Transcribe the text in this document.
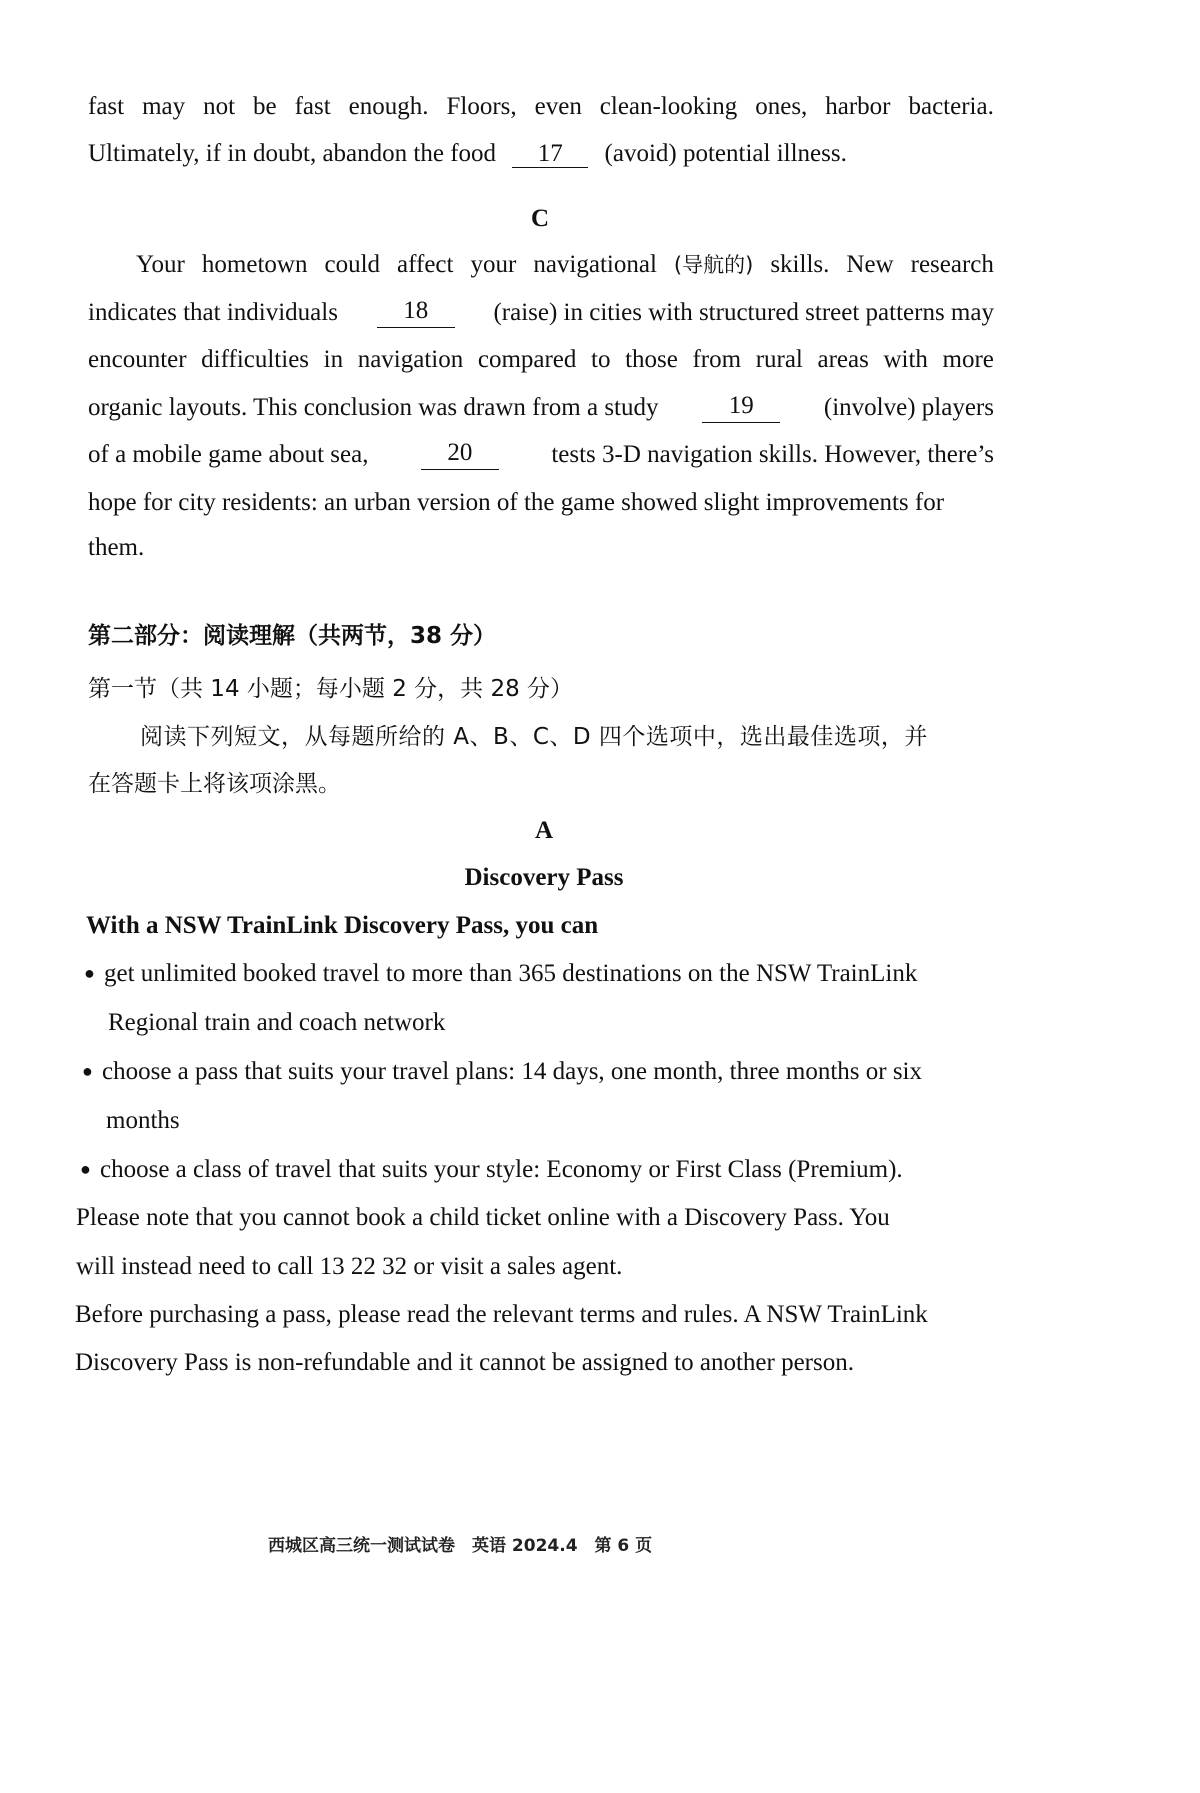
fast may not be fast enough. Floors, even clean-looking ones, harbor bacteria.
Ultimately, if in doubt, abandon the food 17 (avoid) potential illness.
C
Your hometown could affect your navigational (导航的) skills. New research
indicates that individuals	18	(raise) in cities with structured street patterns may
encounter difficulties in navigation compared to those from rural areas with more
organic layouts. This conclusion was drawn from a study	19	(involve) players
of a mobile game about sea,	20	tests 3-D navigation skills. However, there’s
hope for city residents: an urban version of the game showed slight improvements for
them.
第二部分：阅读理解（共两节，38 分）
第一节（共 14 小题；每小题 2 分，共 28 分）
阅读下列短文，从每题所给的 A、B、C、D 四个选项中，选出最佳选项，并
在答题卡上将该项涂黑。
A
Discovery Pass
With a NSW TrainLink Discovery Pass, you can
● get unlimited booked travel to more than 365 destinations on the NSW TrainLink
Regional train and coach network
● choose a pass that suits your travel plans: 14 days, one month, three months or six
months
● choose a class of travel that suits your style: Economy or First Class (Premium).
Please note that you cannot book a child ticket online with a Discovery Pass. You
will instead need to call 13 22 32 or visit a sales agent.
Before purchasing a pass, please read the relevant terms and rules. A NSW TrainLink
Discovery Pass is non-refundable and it cannot be assigned to another person.
西城区高三统一测试试卷　英语 2024.4　第 6 页
